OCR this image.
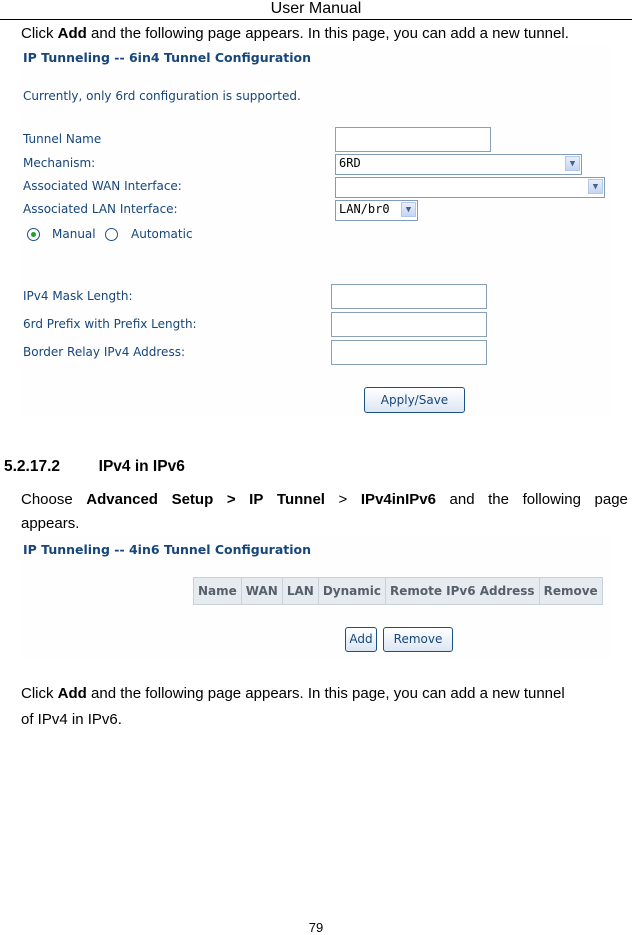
User Manual
Click Add and the following page appears. In this page, you can add a new tunnel.
IP Tunneling -- 6in4 Tunnel Configuration
Currently, only 6rd configuration is supported.
Tunnel Name
Mechanism:	6RD	▼
Associated WAN Interface:	▼
Associated LAN Interface:	LAN/br0	▼
Manual	Automatic
IPv4 Mask Length:
6rd Prefix with Prefix Length:
Border Relay IPv4 Address:
Apply/Save
5.2.17.2 IPv4 in IPv6
Choose Advanced Setup > IP Tunnel > IPv4inIPv6 and the following page
appears.
IP Tunneling -- 4in6 Tunnel Configuration
Name	WAN	LAN	Dynamic	Remote IPv6 Address	Remove
Add	Remove
Click Add and the following page appears. In this page, you can add a new tunnel
of IPv4 in IPv6.
79
